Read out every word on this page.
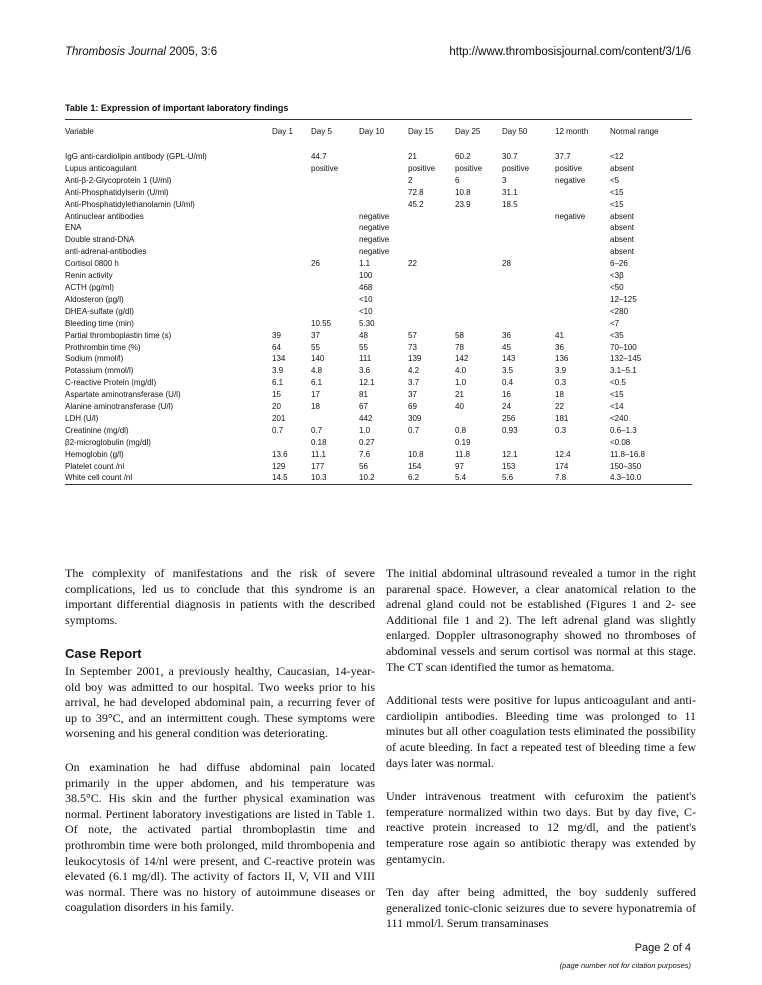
Thrombosis Journal 2005, 3:6	http://www.thrombosisjournal.com/content/3/1/6
Table 1: Expression of important laboratory findings
Variable	Day 1	Day 5	Day 10	Day 15	Day 25	Day 50	12 month	Normal range
IgG anti-cardiolipin antibody (GPL-U/ml)		44.7		21	60.2	30.7	37.7	<12
Lupus anticoagulant		positive		positive	positive	positive	positive	absent
Anti-β-2-Glycoprotein 1 (U/ml)				2	6	3	negative	<5
Anti-Phosphatidylserin (U/ml)				72.8	10.8	31.1		<15
Anti-Phosphatidylethanolamin (U/ml)				45.2	23.9	18.5		<15
Antinuclear antibodies			negative				negative	absent
ENA			negative					absent
Double strand-DNA			negative					absent
anti-adrenal-antibodies			negative					absent
Cortisol 0800 h		26	1.1	22		28		6–26
Renin activity			100					<3β
ACTH (pg/ml)			468					<50
Aldosteron (pg/l)			<10					12–125
DHEA-sulfate (g/dl)			<10					<280
Bleeding time (min)		10.55	5.30					<7
Partial thromboplastin time (s)	39	37	48	57	58	36	41	<35
Prothrombin time (%)	64	55	55	73	78	45	36	70–100
Sodium (mmol/l)	134	140	111	139	142	143	136	132–145
Potassium (mmol/l)	3.9	4.8	3.6	4.2	4.0	3.5	3.9	3.1–5.1
C-reactive Protein (mg/dl)	6.1	6.1	12.1	3.7	1.0	0.4	0.3	<0.5
Aspartate aminotransferase (U/l)	15	17	81	37	21	16	18	<15
Alanine aminotransferase (U/l)	20	18	67	69	40	24	22	<14
LDH (U/l)	201		442	309		256	181	<240
Creatinine (mg/dl)	0.7	0.7	1.0	0.7	0.8	0.93	0.3	0.6–1.3
β2-microglobulin (mg/dl)		0.18	0.27		0.19			<0.08
Hemoglobin (g/l)	13.6	11.1	7.6	10.8	11.8	12.1	12.4	11.8–16.8
Platelet count /nl	129	177	56	154	97	153	174	150–350
White cell count /nl	14.5	10.3	10.2	6.2	5.4	5.6	7.8	4.3–10.0

The complexity of manifestations and the risk of severe complications, led us to conclude that this syndrome is an important differential diagnosis in patients with the described symptoms.

Case Report

In September 2001, a previously healthy, Caucasian, 14-year-old boy was admitted to our hospital. Two weeks prior to his arrival, he had developed abdominal pain, a recurring fever of up to 39°C, and an intermittent cough. These symptoms were worsening and his general condition was deteriorating.

On examination he had diffuse abdominal pain located primarily in the upper abdomen, and his temperature was 38.5°C. His skin and the further physical examination was normal. Pertinent laboratory investigations are listed in Table 1. Of note, the activated partial thromboplastin time and prothrombin time were both prolonged, mild thrombopenia and leukocytosis of 14/nl were present, and C-reactive protein was elevated (6.1 mg/dl). The activity of factors II, V, VII and VIII was normal. There was no history of autoimmune diseases or coagulation disorders in his family.

The initial abdominal ultrasound revealed a tumor in the right pararenal space. However, a clear anatomical relation to the adrenal gland could not be established (Figures 1 and 2- see Additional file 1 and 2). The left adrenal gland was slightly enlarged. Doppler ultrasonography showed no thromboses of abdominal vessels and serum cortisol was normal at this stage. The CT scan identified the tumor as hematoma.

Additional tests were positive for lupus anticoagulant and anti-cardiolipin antibodies. Bleeding time was prolonged to 11 minutes but all other coagulation tests eliminated the possibility of acute bleeding. In fact a repeated test of bleeding time a few days later was normal.

Under intravenous treatment with cefuroxim the patient's temperature normalized within two days. But by day five, C-reactive protein increased to 12 mg/dl, and the patient's temperature rose again so antibiotic therapy was extended by gentamycin.

Ten day after being admitted, the boy suddenly suffered generalized tonic-clonic seizures due to severe hyponatremia of 111 mmol/l. Serum transaminases

Page 2 of 4
(page number not for citation purposes)
